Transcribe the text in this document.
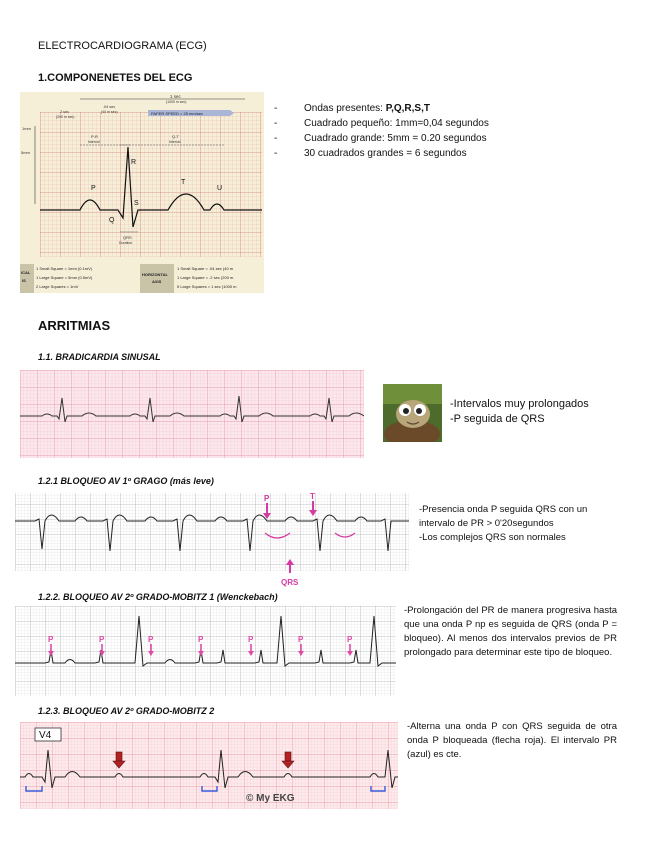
ELECTROCARDIOGRAMA (ECG)
1.COMPONENETES DEL ECG
1 sec
(1000 m sec)
2 sec
(200 m sec)
.04 sec
(40 m sec)	PAPER SPEED = 25 mm/sec
1mm
5mm
P-R
Interval
Q-T
Interval
P
Q
R
S
T
U
QRS
Duration
ICAL
IS
1 Small Square = 1mm (0.1mV)
1 Large Square = 5mm (0.5mV)
2 Large Squares = 1mV
HORIZONTAL
AXIS
1 Small Square = .04 sec (40 m
1 Large Square = .2 sec (200 m
5 Large Squares = 1 sec (1000 m
-	Ondas presentes: P,Q,R,S,T
-	Cuadrado pequeño: 1mm=0,04 segundos
-	Cuadrado grande: 5mm = 0.20 segundos
-	30 cuadrados grandes = 6 segundos
ARRITMIAS
1.1. BRADICARDIA SINUSAL
-Intervalos muy prolongados
-P seguida de QRS
1.2.1 BLOQUEO AV 1º GRAGO (más leve)
P	T
QRS
-Presencia onda P seguida QRS con un intervalo de PR > 0'20segundos
-Los complejos QRS son normales
1.2.2. BLOQUEO AV 2º GRADO-MOBITZ 1 (Wenckebach)
P	P	P	P	P	P	P
-Prolongación del PR de manera progresiva hasta que una onda P np es seguida de QRS (onda P = bloqueo). Al menos dos intervalos previos de PR prolongado para determinar este tipo de bloqueo.
1.2.3. BLOQUEO AV 2º GRADO-MOBITZ 2
V4
© My EKG
-Alterna una onda P con QRS seguida de otra onda P bloqueada (flecha roja). El intervalo PR (azul) es cte.
